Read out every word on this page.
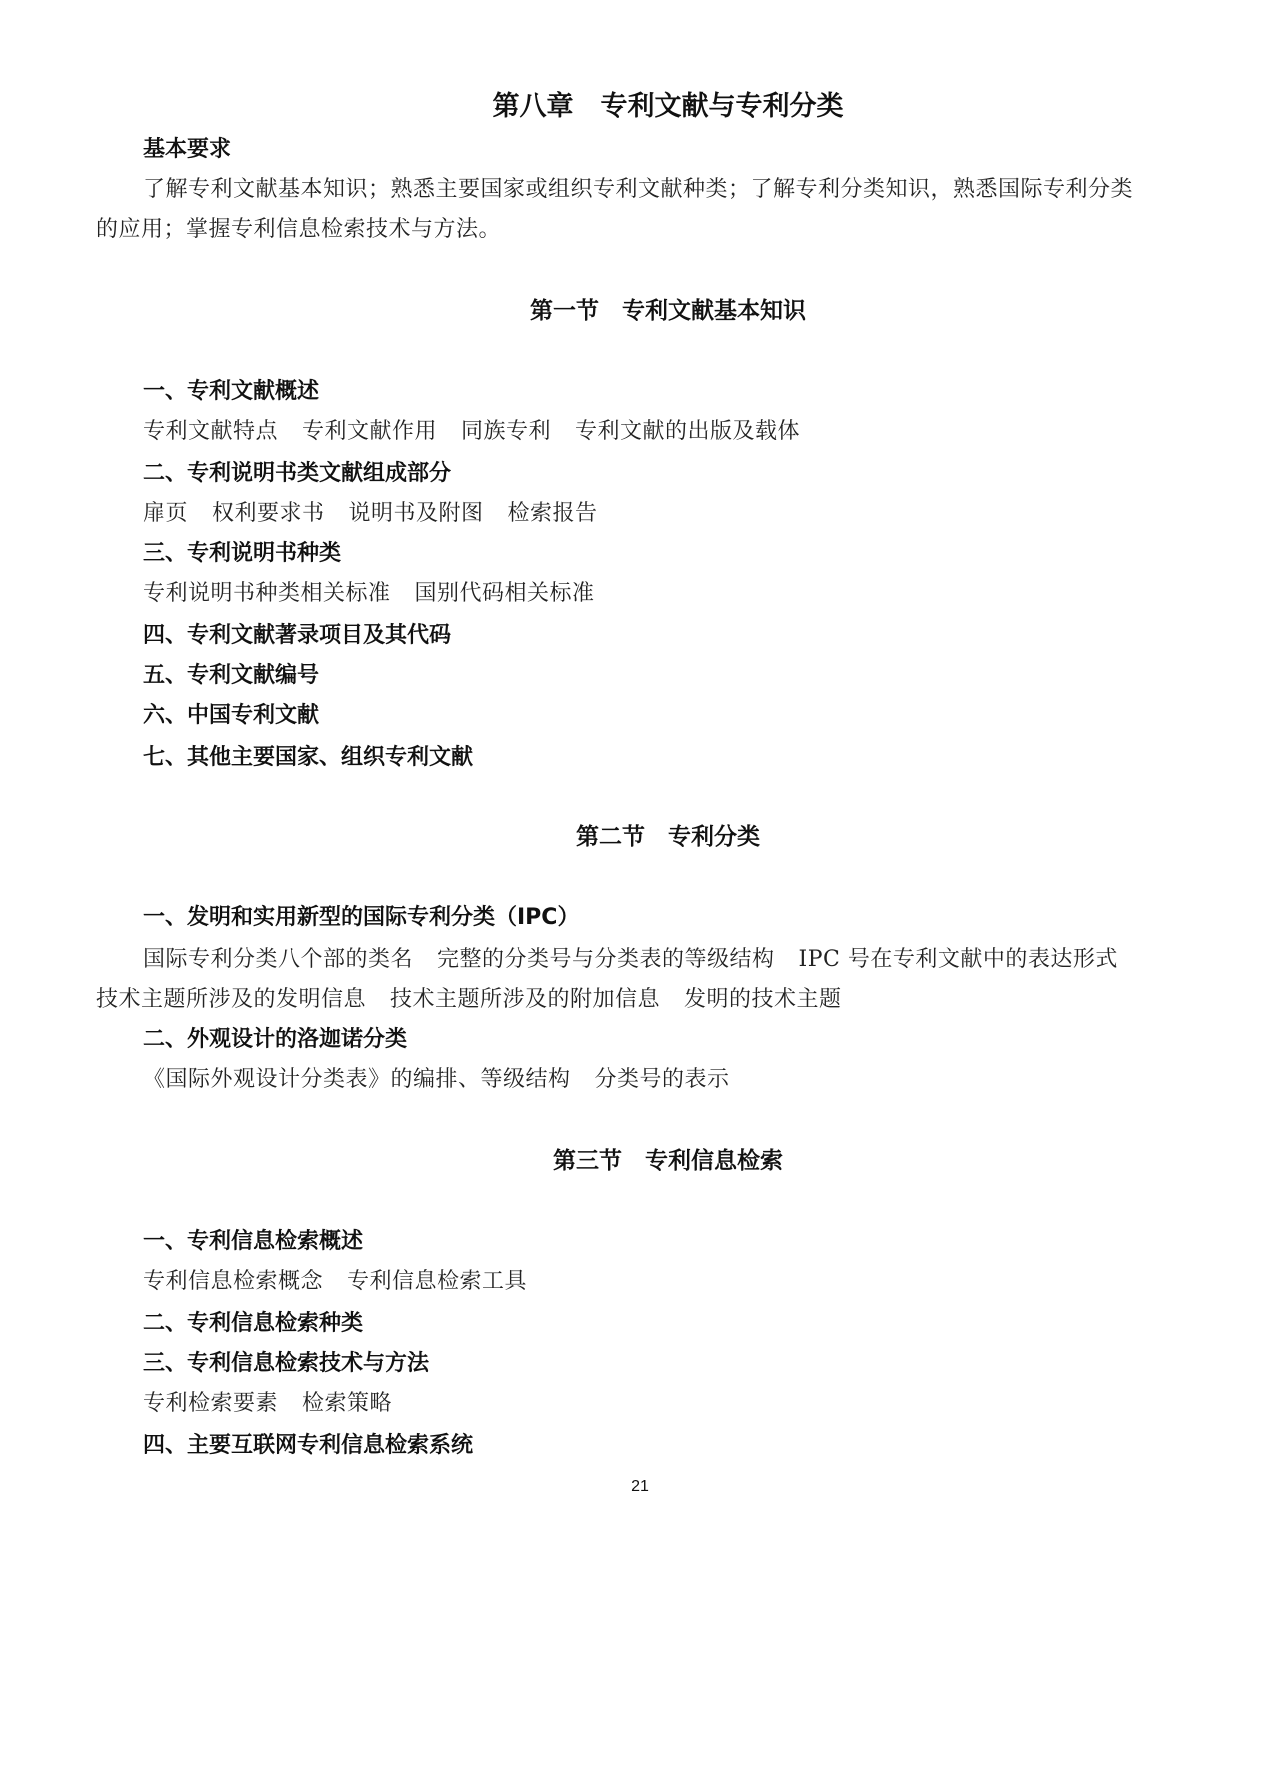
第八章　专利文献与专利分类
基本要求
了解专利文献基本知识；熟悉主要国家或组织专利文献种类；了解专利分类知识，熟悉国际专利分类
的应用；掌握专利信息检索技术与方法。
第一节　专利文献基本知识
一、专利文献概述
专利文献特点 专利文献作用 同族专利 专利文献的出版及载体
二、专利说明书类文献组成部分
扉页 权利要求书 说明书及附图 检索报告
三、专利说明书种类
专利说明书种类相关标准 国别代码相关标准
四、专利文献著录项目及其代码
五、专利文献编号
六、中国专利文献
七、其他主要国家、组织专利文献
第二节　专利分类
一、发明和实用新型的国际专利分类（IPC）
国际专利分类八个部的类名 完整的分类号与分类表的等级结构 IPC 号在专利文献中的表达形式
技术主题所涉及的发明信息 技术主题所涉及的附加信息 发明的技术主题
二、外观设计的洛迦诺分类
《国际外观设计分类表》的编排、等级结构 分类号的表示
第三节　专利信息检索
一、专利信息检索概述
专利信息检索概念 专利信息检索工具
二、专利信息检索种类
三、专利信息检索技术与方法
专利检索要素 检索策略
四、主要互联网专利信息检索系统
21
